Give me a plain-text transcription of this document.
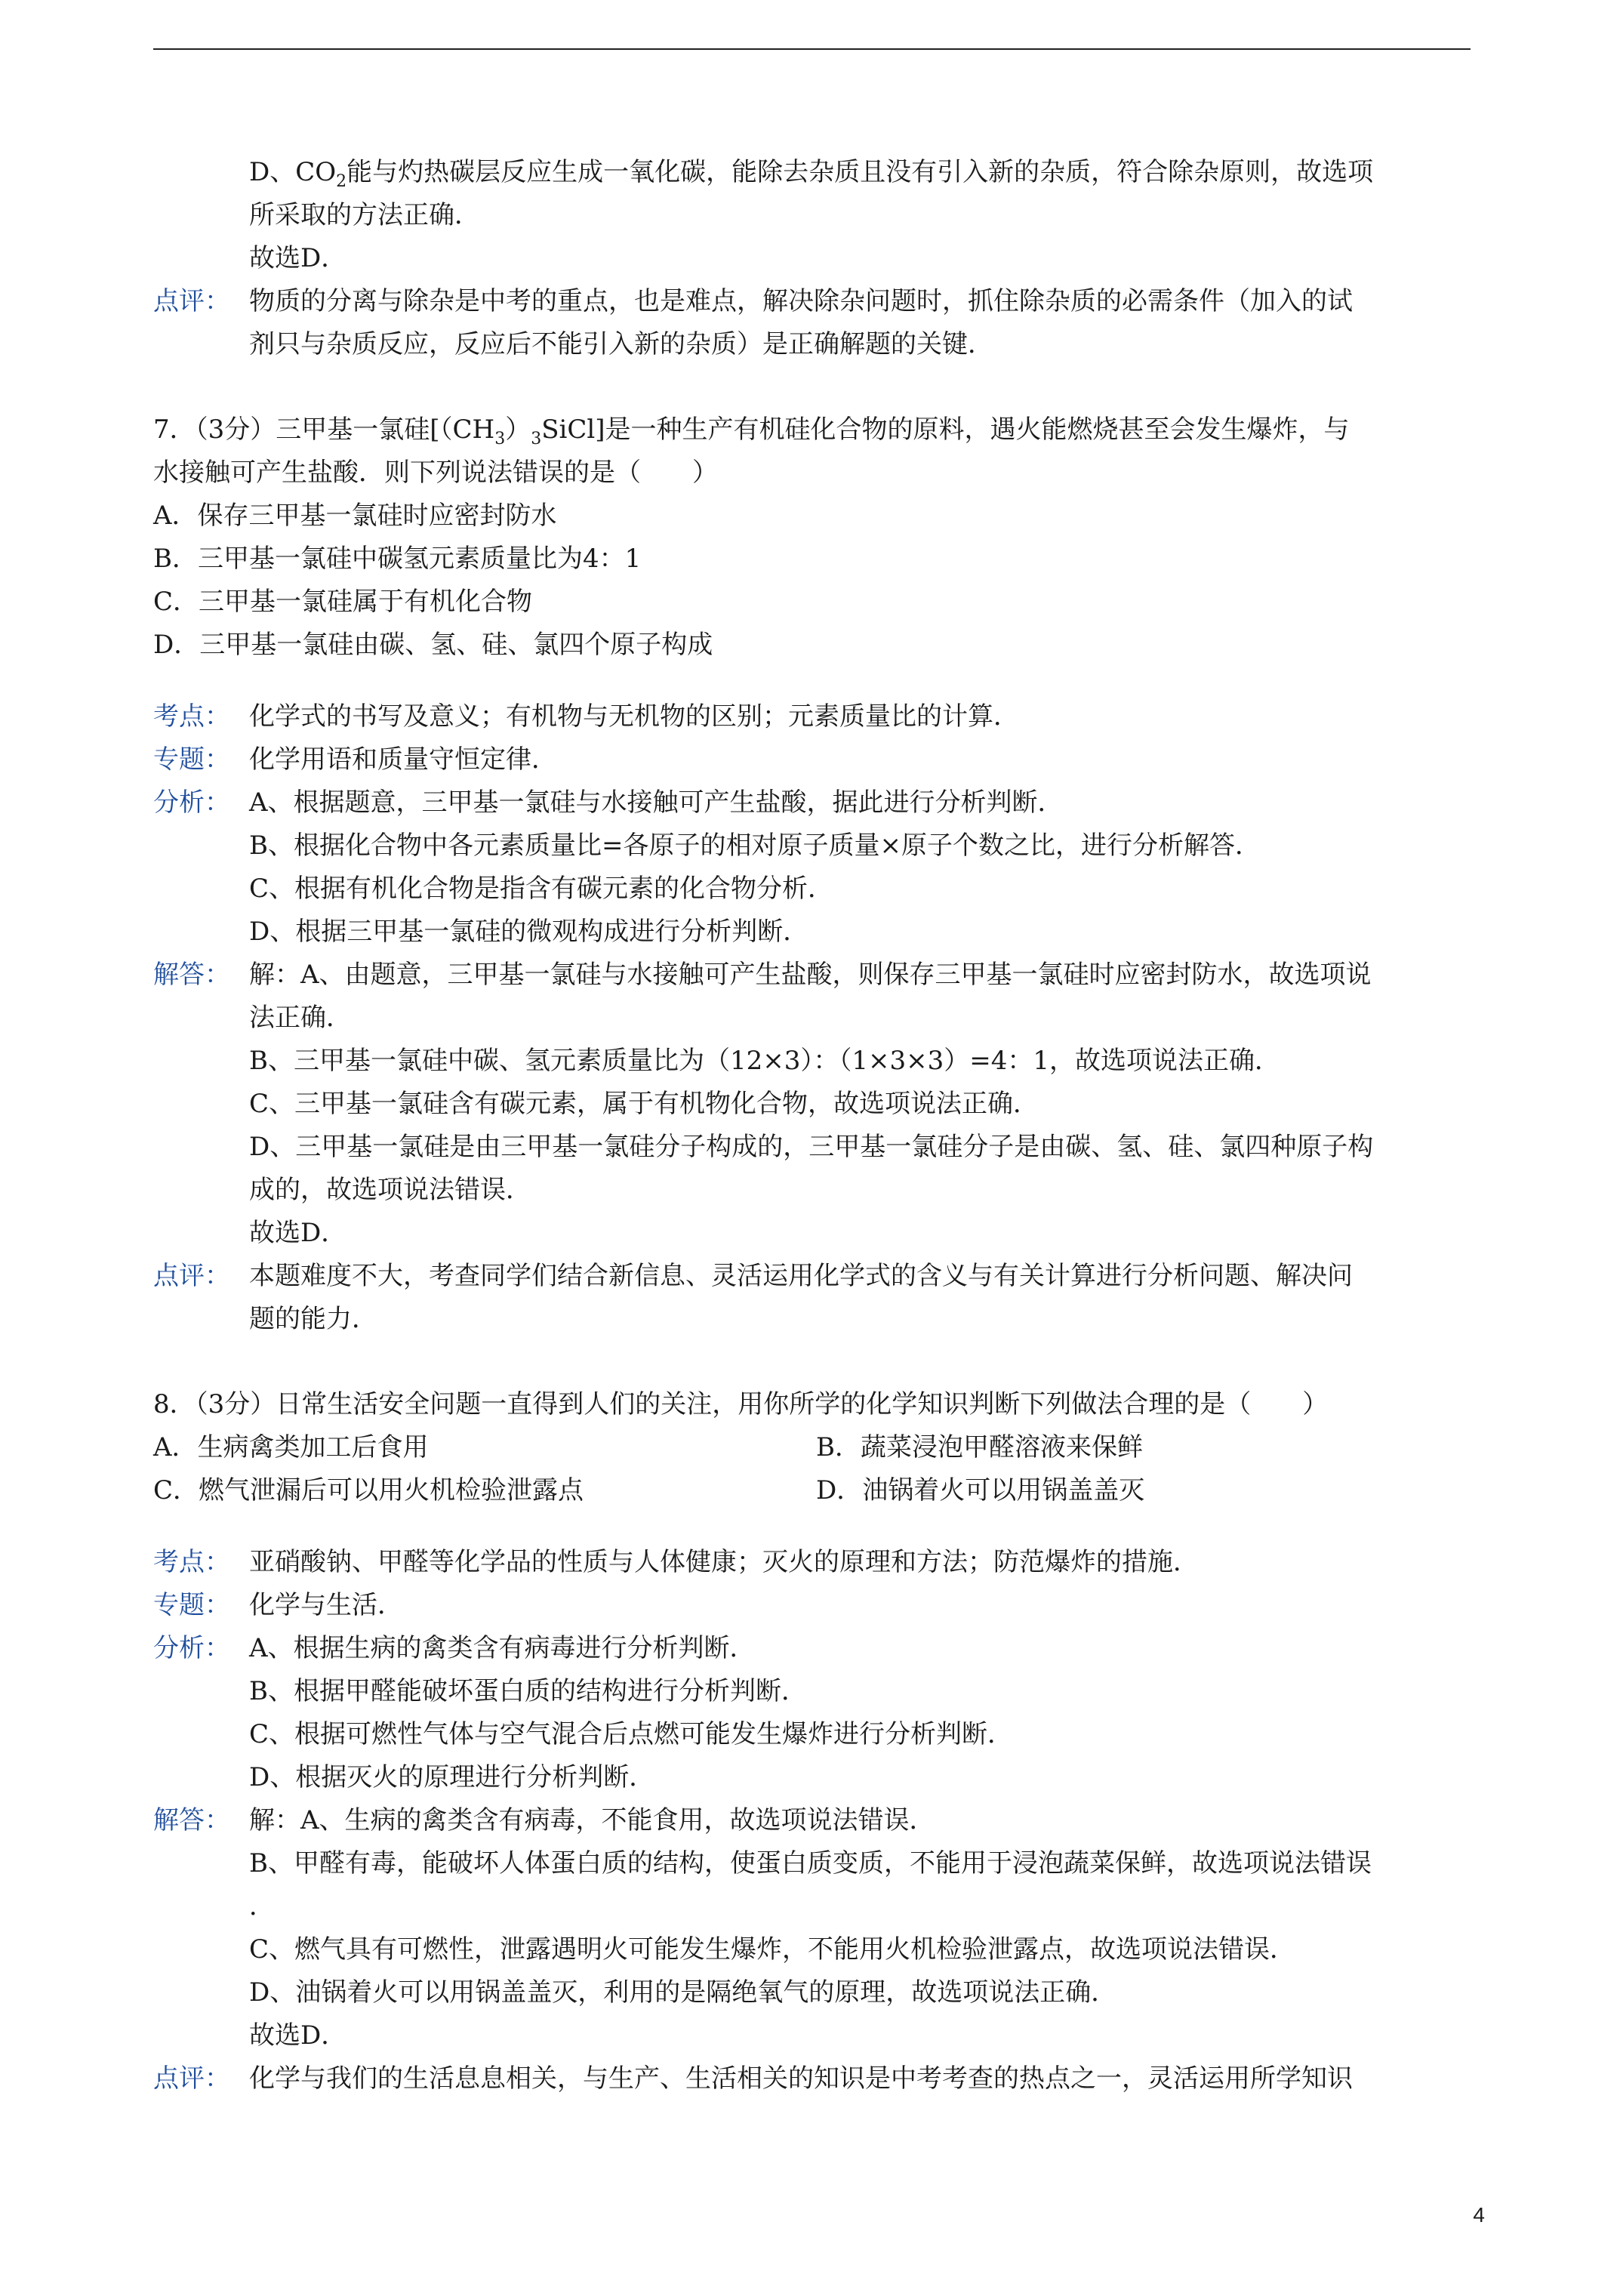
D、$CO_2$能与灼热碳层反应生成一氧化碳，能除去杂质且没有引入新的杂质，符合除杂原则，故选项
所采取的方法正确．
故选D．
点评： 物质的分离与除杂是中考的重点，也是难点，解决除杂问题时，抓住除杂质的必需条件（加入的试
剂只与杂质反应，反应后不能引入新的杂质）是正确解题的关键．
7．（3分）三甲基一氯硅$[(CH_3)_3SiCl]$是一种生产有机硅化合物的原料，遇火能燃烧甚至会发生爆炸，与
水接触可产生盐酸．则下列说法错误的是（　　）
A．保存三甲基一氯硅时应密封防水
B．三甲基一氯硅中碳氢元素质量比为4：1
C．三甲基一氯硅属于有机化合物
D．三甲基一氯硅由碳、氢、硅、氯四个原子构成
考点： 化学式的书写及意义；有机物与无机物的区别；元素质量比的计算．
专题： 化学用语和质量守恒定律．
分析： A、根据题意，三甲基一氯硅与水接触可产生盐酸，据此进行分析判断．
B、根据化合物中各元素质量比=各原子的相对原子质量×原子个数之比，进行分析解答．
C、根据有机化合物是指含有碳元素的化合物分析．
D、根据三甲基一氯硅的微观构成进行分析判断．
解答： 解：A、由题意，三甲基一氯硅与水接触可产生盐酸，则保存三甲基一氯硅时应密封防水，故选项说
法正确．
B、三甲基一氯硅中碳、氢元素质量比为（12×3）：（1×3×3）=4：1，故选项说法正确．
C、三甲基一氯硅含有碳元素，属于有机物化合物，故选项说法正确．
D、三甲基一氯硅是由三甲基一氯硅分子构成的，三甲基一氯硅分子是由碳、氢、硅、氯四种原子构
成的，故选项说法错误．
故选D．
点评： 本题难度不大，考查同学们结合新信息、灵活运用化学式的含义与有关计算进行分析问题、解决问
题的能力．
8．（3分）日常生活安全问题一直得到人们的关注，用你所学的化学知识判断下列做法合理的是（　　）
A．生病禽类加工后食用	B．蔬菜浸泡甲醛溶液来保鲜
C．燃气泄漏后可以用火机检验泄露点	D．油锅着火可以用锅盖盖灭
考点： 亚硝酸钠、甲醛等化学品的性质与人体健康；灭火的原理和方法；防范爆炸的措施．
专题： 化学与生活．
分析： A、根据生病的禽类含有病毒进行分析判断．
B、根据甲醛能破坏蛋白质的结构进行分析判断．
C、根据可燃性气体与空气混合后点燃可能发生爆炸进行分析判断．
D、根据灭火的原理进行分析判断．
解答： 解：A、生病的禽类含有病毒，不能食用，故选项说法错误．
B、甲醛有毒，能破坏人体蛋白质的结构，使蛋白质变质，不能用于浸泡蔬菜保鲜，故选项说法错误
．
C、燃气具有可燃性，泄露遇明火可能发生爆炸，不能用火机检验泄露点，故选项说法错误．
D、油锅着火可以用锅盖盖灭，利用的是隔绝氧气的原理，故选项说法正确．
故选D．
点评： 化学与我们的生活息息相关，与生产、生活相关的知识是中考考查的热点之一，灵活运用所学知识
4
